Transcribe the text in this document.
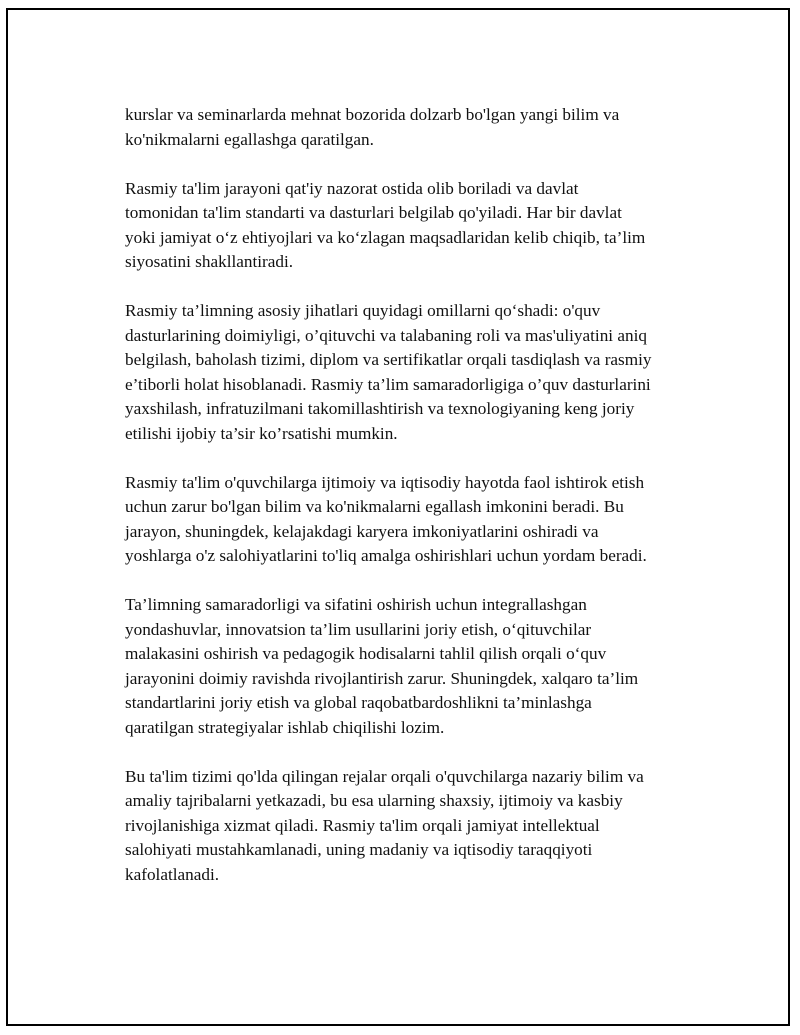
kurslar va seminarlarda mehnat bozorida dolzarb bo'lgan yangi bilim va
ko'nikmalarni egallashga qaratilgan.

Rasmiy ta'lim jarayoni qat'iy nazorat ostida olib boriladi va davlat
tomonidan ta'lim standarti va dasturlari belgilab qo'yiladi. Har bir davlat
yoki jamiyat o‘z ehtiyojlari va ko‘zlagan maqsadlaridan kelib chiqib, ta’lim
siyosatini shakllantiradi.

Rasmiy ta’limning asosiy jihatlari quyidagi omillarni qo‘shadi: o'quv
dasturlarining doimiyligi, o’qituvchi va talabaning roli va mas'uliyatini aniq
belgilash, baholash tizimi, diplom va sertifikatlar orqali tasdiqlash va rasmiy
e’tiborli holat hisoblanadi. Rasmiy ta’lim samaradorligiga o’quv dasturlarini
yaxshilash, infratuzilmani takomillashtirish va texnologiyaning keng joriy
etilishi ijobiy ta’sir ko’rsatishi mumkin.

Rasmiy ta'lim o'quvchilarga ijtimoiy va iqtisodiy hayotda faol ishtirok etish
uchun zarur bo'lgan bilim va ko'nikmalarni egallash imkonini beradi. Bu
jarayon, shuningdek, kelajakdagi karyera imkoniyatlarini oshiradi va
yoshlarga o'z salohiyatlarini to'liq amalga oshirishlari uchun yordam beradi.

Ta’limning samaradorligi va sifatini oshirish uchun integrallashgan
yondashuvlar, innovatsion ta’lim usullarini joriy etish, o‘qituvchilar
malakasini oshirish va pedagogik hodisalarni tahlil qilish orqali o‘quv
jarayonini doimiy ravishda rivojlantirish zarur. Shuningdek, xalqaro ta’lim
standartlarini joriy etish va global raqobatbardoshlikni ta’minlashga
qaratilgan strategiyalar ishlab chiqilishi lozim.

Bu ta'lim tizimi qo'lda qilingan rejalar orqali o'quvchilarga nazariy bilim va
amaliy tajribalarni yetkazadi, bu esa ularning shaxsiy, ijtimoiy va kasbiy
rivojlanishiga xizmat qiladi. Rasmiy ta'lim orqali jamiyat intellektual
salohiyati mustahkamlanadi, uning madaniy va iqtisodiy taraqqiyoti
kafolatlanadi.
